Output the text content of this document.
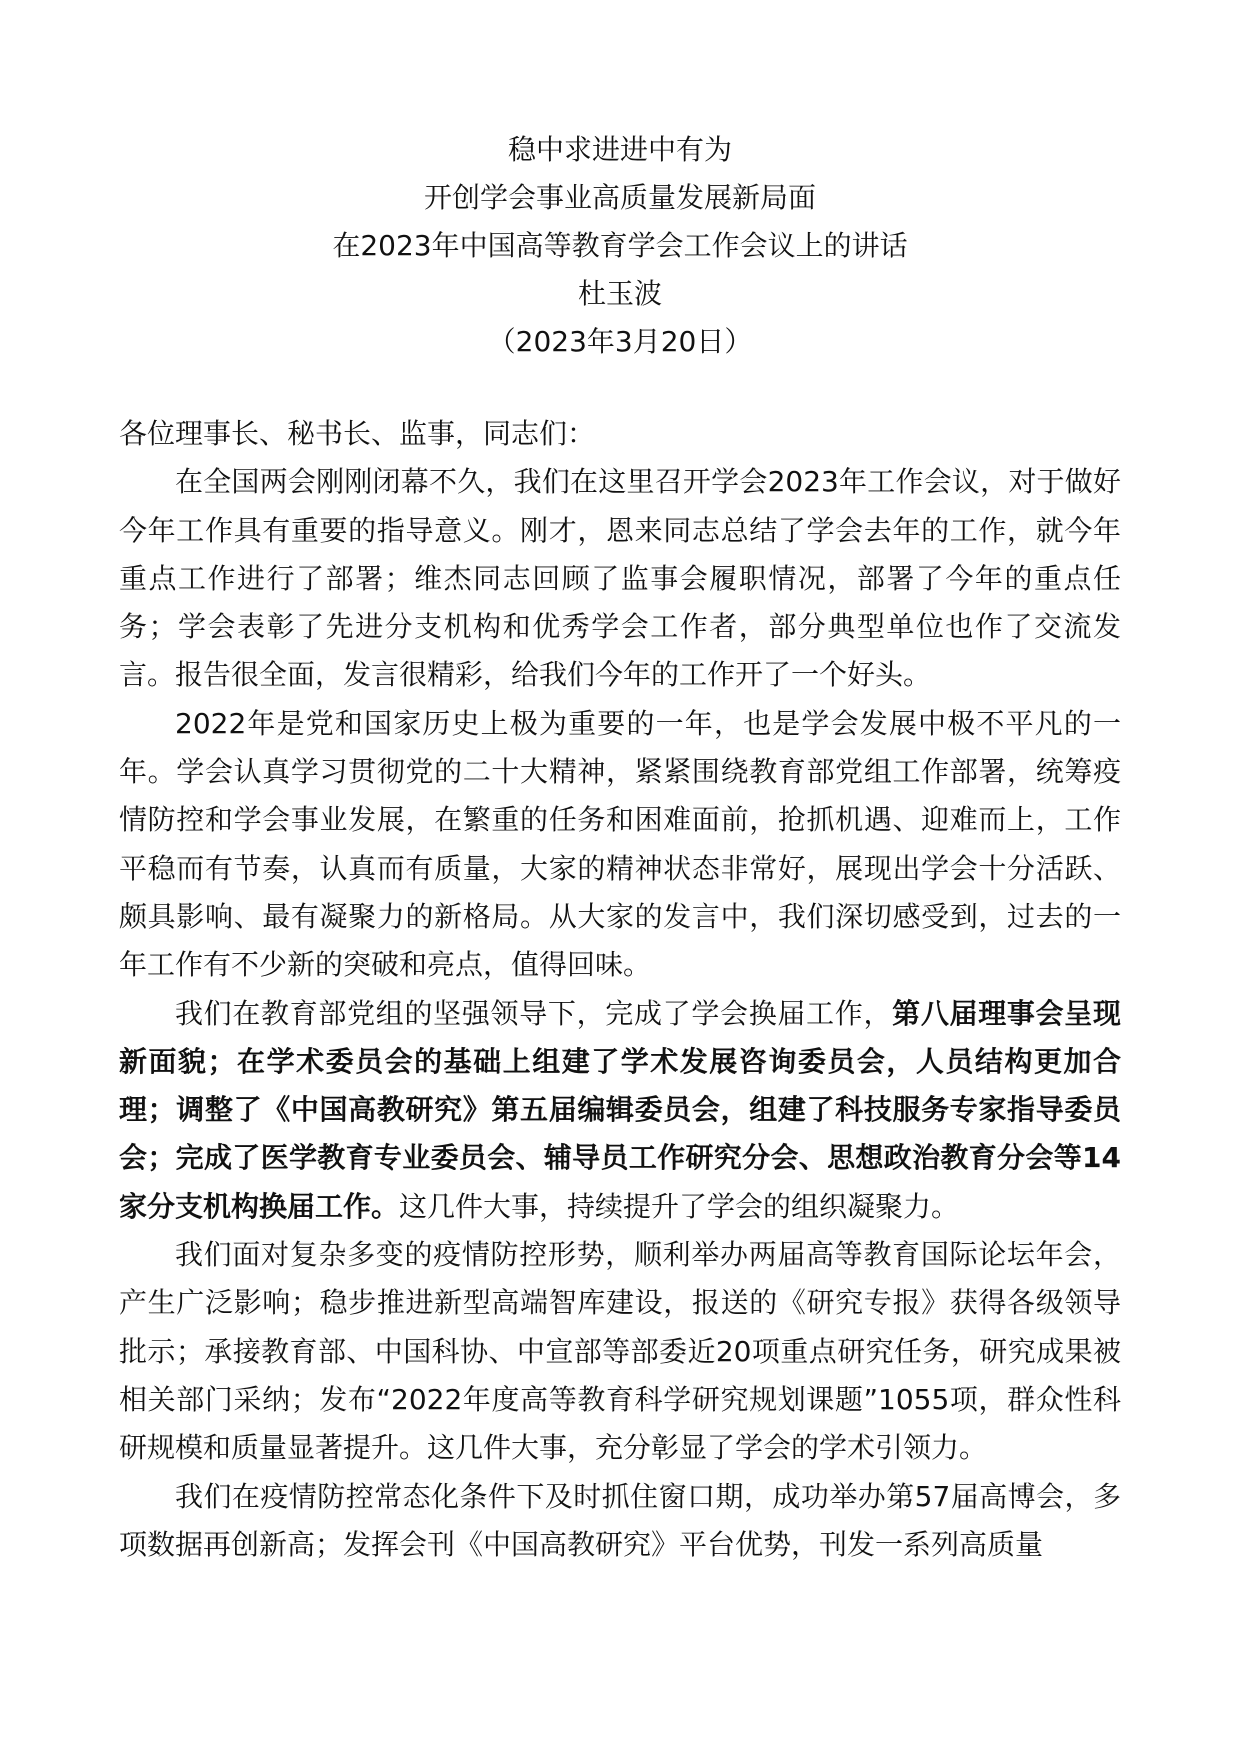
稳中求进进中有为
开创学会事业高质量发展新局面
在2023年中国高等教育学会工作会议上的讲话
杜玉波
（2023年3月20日）

各位理事长、秘书长、监事，同志们：

在全国两会刚刚闭幕不久，我们在这里召开学会2023年工作会议，对于做好今年工作具有重要的指导意义。刚才，恩来同志总结了学会去年的工作，就今年重点工作进行了部署；维杰同志回顾了监事会履职情况，部署了今年的重点任务；学会表彰了先进分支机构和优秀学会工作者，部分典型单位也作了交流发言。报告很全面，发言很精彩，给我们今年的工作开了一个好头。

2022年是党和国家历史上极为重要的一年，也是学会发展中极不平凡的一年。学会认真学习贯彻党的二十大精神，紧紧围绕教育部党组工作部署，统筹疫情防控和学会事业发展，在繁重的任务和困难面前，抢抓机遇、迎难而上，工作平稳而有节奏，认真而有质量，大家的精神状态非常好，展现出学会十分活跃、颇具影响、最有凝聚力的新格局。从大家的发言中，我们深切感受到，过去的一年工作有不少新的突破和亮点，值得回味。

我们在教育部党组的坚强领导下，完成了学会换届工作，第八届理事会呈现新面貌；在学术委员会的基础上组建了学术发展咨询委员会，人员结构更加合理；调整了《中国高教研究》第五届编辑委员会，组建了科技服务专家指导委员会；完成了医学教育专业委员会、辅导员工作研究分会、思想政治教育分会等14家分支机构换届工作。这几件大事，持续提升了学会的组织凝聚力。

我们面对复杂多变的疫情防控形势，顺利举办两届高等教育国际论坛年会，产生广泛影响；稳步推进新型高端智库建设，报送的《研究专报》获得各级领导批示；承接教育部、中国科协、中宣部等部委近20项重点研究任务，研究成果被相关部门采纳；发布“2022年度高等教育科学研究规划课题”1055项，群众性科研规模和质量显著提升。这几件大事，充分彰显了学会的学术引领力。

我们在疫情防控常态化条件下及时抓住窗口期，成功举办第57届高博会，多项数据再创新高；发挥会刊《中国高教研究》平台优势，刊发一系列高质量
